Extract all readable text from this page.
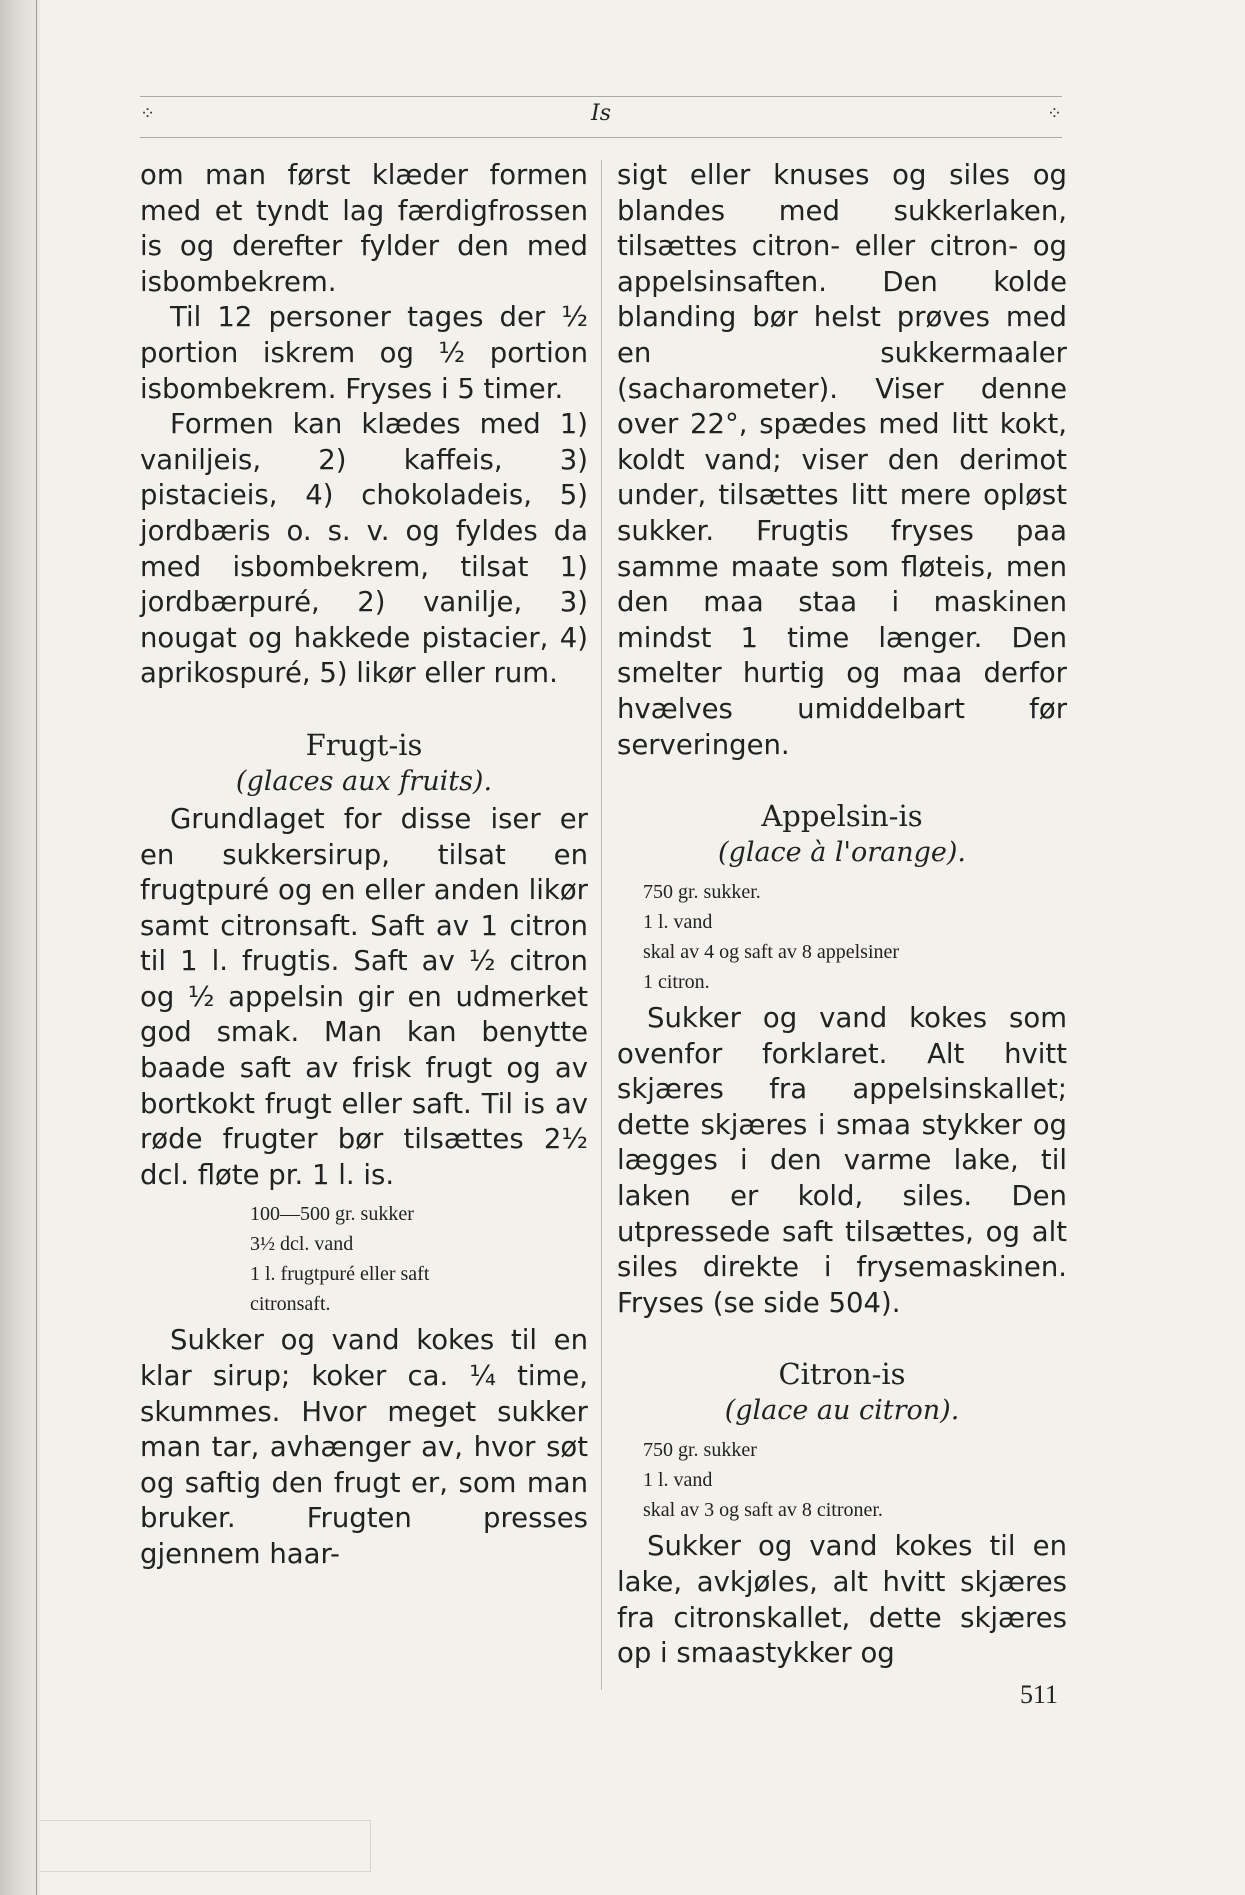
⁘	Is	⁘

om man først klæder formen med et tyndt lag færdigfrossen is og derefter fylder den med isbombekrem.

Til 12 personer tages der ½ portion iskrem og ½ portion isbombekrem. Fryses i 5 timer.

Formen kan klædes med 1) vaniljeis, 2) kaffeis, 3) pistacieis, 4) chokoladeis, 5) jordbæris o. s. v. og fyldes da med isbombekrem, tilsat 1) jordbærpuré, 2) vanilje, 3) nougat og hakkede pistacier, 4) aprikospuré, 5) likør eller rum.

Frugt-is
(glaces aux fruits).

Grundlaget for disse iser er en sukkersirup, tilsat en frugtpuré og en eller anden likør samt citronsaft. Saft av 1 citron til 1 l. frugtis. Saft av ½ citron og ½ appelsin gir en udmerket god smak. Man kan benytte baade saft av frisk frugt og av bortkokt frugt eller saft. Til is av røde frugter bør tilsættes 2½ dcl. fløte pr. 1 l. is.

100—500 gr. sukker
3½ dcl. vand
1 l. frugtpuré eller saft
citronsaft.

Sukker og vand kokes til en klar sirup; koker ca. ¼ time, skummes. Hvor meget sukker man tar, avhænger av, hvor søt og saftig den frugt er, som man bruker. Frugten presses gjennem haar-

sigt eller knuses og siles og blandes med sukkerlaken, tilsættes citron- eller citron- og appelsinsaften. Den kolde blanding bør helst prøves med en sukkermaaler (sacharometer). Viser denne over 22°, spædes med litt kokt, koldt vand; viser den derimot under, tilsættes litt mere opløst sukker. Frugtis fryses paa samme maate som fløteis, men den maa staa i maskinen mindst 1 time længer. Den smelter hurtig og maa derfor hvælves umiddelbart før serveringen.

Appelsin-is
(glace à l'orange).
750 gr. sukker.
1 l. vand
skal av 4 og saft av 8 appelsiner
1 citron.

Sukker og vand kokes som ovenfor forklaret. Alt hvitt skjæres fra appelsinskallet; dette skjæres i smaa stykker og lægges i den varme lake, til laken er kold, siles. Den utpressede saft tilsættes, og alt siles direkte i frysemaskinen. Fryses (se side 504).

Citron-is
(glace au citron).
750 gr. sukker
1 l. vand
skal av 3 og saft av 8 citroner.

Sukker og vand kokes til en lake, avkjøles, alt hvitt skjæres fra citronskallet, dette skjæres op i smaastykker og

511
